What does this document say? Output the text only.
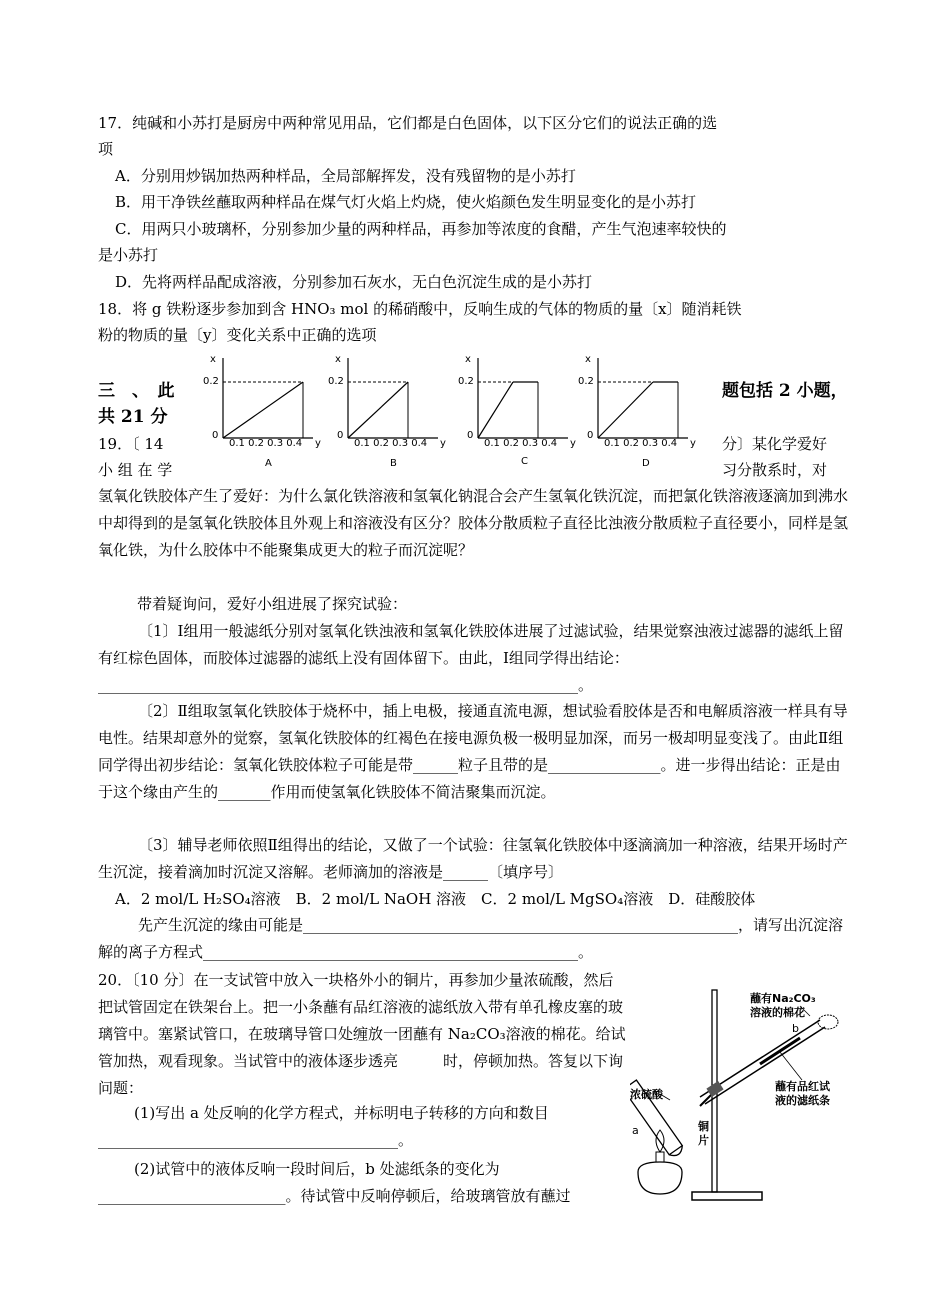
17．纯碱和小苏打是厨房中两种常见用品，它们都是白色固体，以下区分它们的说法正确的选
项
A．分别用炒锅加热两种样品，全局部解挥发，没有残留物的是小苏打
B．用干净铁丝蘸取两种样品在煤气灯火焰上灼烧，使火焰颜色发生明显变化的是小苏打
C．用两只小玻璃杯，分别参加少量的两种样品，再参加等浓度的食醋，产生气泡速率较快的
是小苏打
D．先将两样品配成溶液，分别参加石灰水，无白色沉淀生成的是小苏打
18．将 g 铁粉逐步参加到含 HNO₃ mol 的稀硝酸中，反响生成的气体的物质的量〔x〕随消耗铁
粉的物质的量〔y〕变化关系中正确的选项
x
0.2
0
0.1 0.2 0.3 0.4 y
A
x
0.2
0
0.1 0.2 0.3 0.4 y
B
x
0.2
0
0.1 0.2 0.3 0.4 y
C
x
0.2
0
0.1 0.2 0.3 0.4 y
D
三　、　此
共 21 分
题包括 2 小题，
19．〔 14
小 组 在 学
分〕某化学爱好
习分散系时，对
氢氧化铁胶体产生了爱好：为什么氯化铁溶液和氢氧化钠混合会产生氢氧化铁沉淀，而把氯化铁溶液逐滴加到沸水中却得到的是氢氧化铁胶体且外观上和溶液没有区分？胶体分散质粒子直径比浊液分散质粒子直径要小，同样是氢氧化铁，为什么胶体中不能聚集成更大的粒子而沉淀呢？
带着疑询问，爱好小组进展了探究试验：
〔1〕Ⅰ组用一般滤纸分别对氢氧化铁浊液和氢氧化铁胶体进展了过滤试验，结果觉察浊液过滤器的滤纸上留有红棕色固体，而胶体过滤器的滤纸上没有固体留下。由此，Ⅰ组同学得出结论：________________________________________________________________。
〔2〕Ⅱ组取氢氧化铁胶体于烧杯中，插上电极，接通直流电源，想试验看胶体是否和电解质溶液一样具有导电性。结果却意外的觉察，氢氧化铁胶体的红褐色在接电源负极一极明显加深，而另一极却明显变浅了。由此Ⅱ组同学得出初步结论：氢氧化铁胶体粒子可能是带______粒子且带的是_______________。进一步得出结论：正是由于这个缘由产生的_______作用而使氢氧化铁胶体不简洁聚集而沉淀。
〔3〕辅导老师依照Ⅱ组得出的结论，又做了一个试验：往氢氧化铁胶体中逐滴滴加一种溶液，结果开场时产生沉淀，接着滴加时沉淀又溶解。老师滴加的溶液是______〔填序号〕
A．2 mol/L H₂SO₄溶液　B．2 mol/L NaOH 溶液　C．2 mol/L MgSO₄溶液　D．硅酸胶体
先产生沉淀的缘由可能是__________________________________________________________，请写出沉淀溶解的离子方程式__________________________________________________。
20．〔10 分〕在一支试管中放入一块格外小的铜片，再参加少量浓硫酸，然后把试管固定在铁架台上。把一小条蘸有品红溶液的滤纸放入带有单孔橡皮塞的玻璃管中。塞紧试管口，在玻璃导管口处缠放一团蘸有 Na₂CO₃溶液的棉花。给试管加热，观看现象。当试管中的液体逐步透亮　　　时，停顿加热。答复以下询问题：
(1)写出 a 处反响的化学方程式，并标明电子转移的方向和数目________________________________________。
(2)试管中的液体反响一段时间后，b 处滤纸条的变化为_________________________。待试管中反响停顿后，给玻璃管放有蘸过
蘸有Na₂CO₃
溶液的棉花
b
蘸有品红试
液的滤纸条
浓硫酸
a	铜
片
